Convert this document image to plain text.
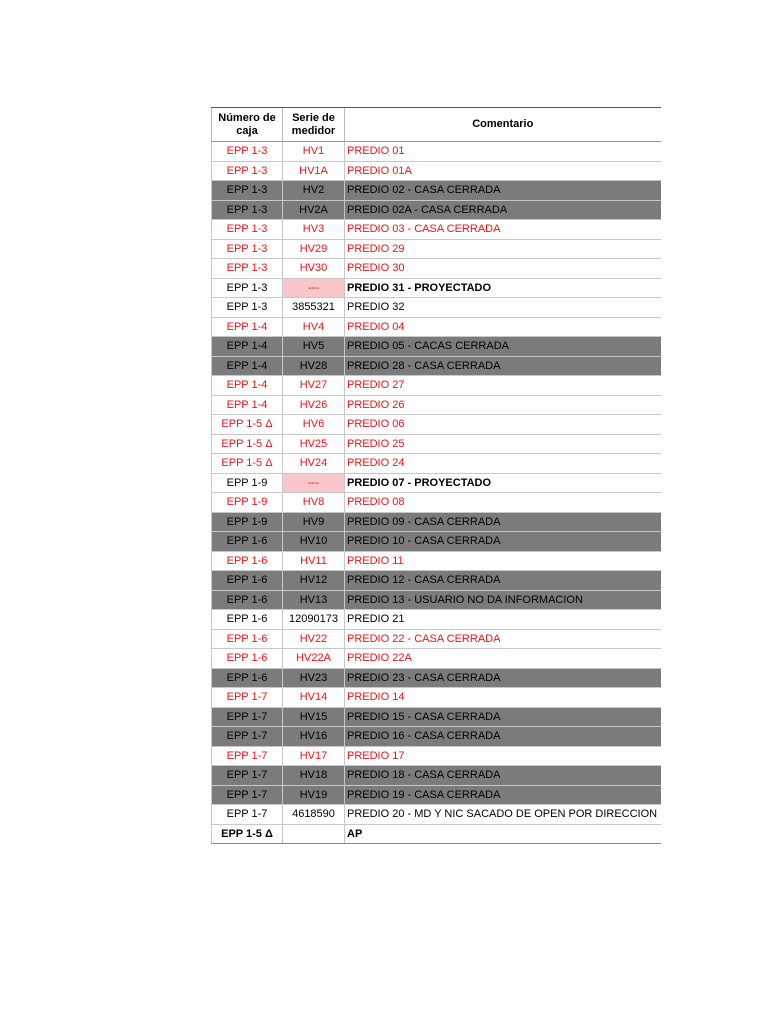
Número de caja	Serie de medidor	Comentario
EPP 1-3	HV1	PREDIO 01
EPP 1-3	HV1A	PREDIO 01A
EPP 1-3	HV2	PREDIO 02 - CASA CERRADA
EPP 1-3	HV2A	PREDIO 02A - CASA CERRADA
EPP 1-3	HV3	PREDIO 03 - CASA CERRADA
EPP 1-3	HV29	PREDIO 29
EPP 1-3	HV30	PREDIO 30
EPP 1-3	---	PREDIO 31 - PROYECTADO
EPP 1-3	3855321	PREDIO 32
EPP 1-4	HV4	PREDIO 04
EPP 1-4	HV5	PREDIO 05 - CACAS CERRADA
EPP 1-4	HV28	PREDIO 28 - CASA CERRADA
EPP 1-4	HV27	PREDIO 27
EPP 1-4	HV26	PREDIO 26
EPP 1-5 Δ	HV6	PREDIO 06
EPP 1-5 Δ	HV25	PREDIO 25
EPP 1-5 Δ	HV24	PREDIO 24
EPP 1-9	---	PREDIO 07 - PROYECTADO
EPP 1-9	HV8	PREDIO 08
EPP 1-9	HV9	PREDIO 09 - CASA CERRADA
EPP 1-6	HV10	PREDIO 10 - CASA CERRADA
EPP 1-6	HV11	PREDIO 11
EPP 1-6	HV12	PREDIO 12 - CASA CERRADA
EPP 1-6	HV13	PREDIO 13 - USUARIO NO DA INFORMACION
EPP 1-6	12090173	PREDIO 21
EPP 1-6	HV22	PREDIO 22 - CASA CERRADA
EPP 1-6	HV22A	PREDIO 22A
EPP 1-6	HV23	PREDIO 23 - CASA CERRADA
EPP 1-7	HV14	PREDIO 14
EPP 1-7	HV15	PREDIO 15 - CASA CERRADA
EPP 1-7	HV16	PREDIO 16 - CASA CERRADA
EPP 1-7	HV17	PREDIO 17
EPP 1-7	HV18	PREDIO 18 - CASA CERRADA
EPP 1-7	HV19	PREDIO 19 - CASA CERRADA
EPP 1-7	4618590	PREDIO 20 - MD Y NIC SACADO DE OPEN POR DIRECCION
EPP 1-5 Δ		AP
